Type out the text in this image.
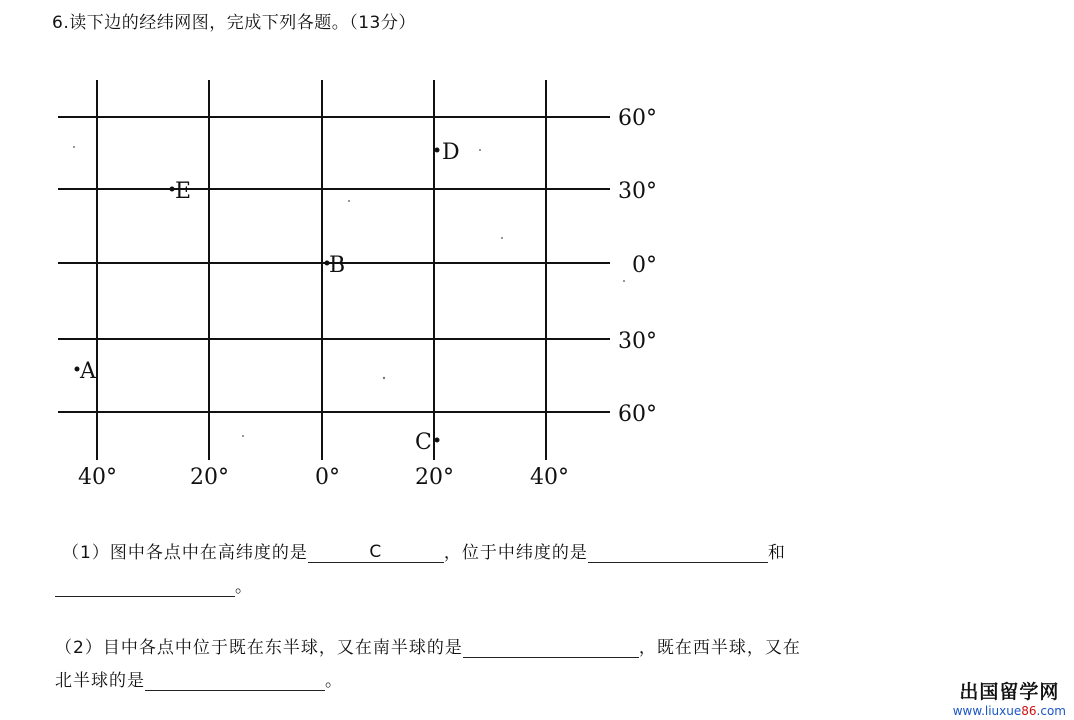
6.读下边的经纬网图，完成下列各题。（13分）
60°
30°
0°
30°
60°
40°	20°	0°	20°	40°
A
B
C
D
E
（1）图中各点中在高纬度的是	C	，位于中纬度的是	和
。
（2）目中各点中位于既在东半球，又在南半球的是	，既在西半球，又在
北半球的是	。	出国留学网
www.liuxue86.com
